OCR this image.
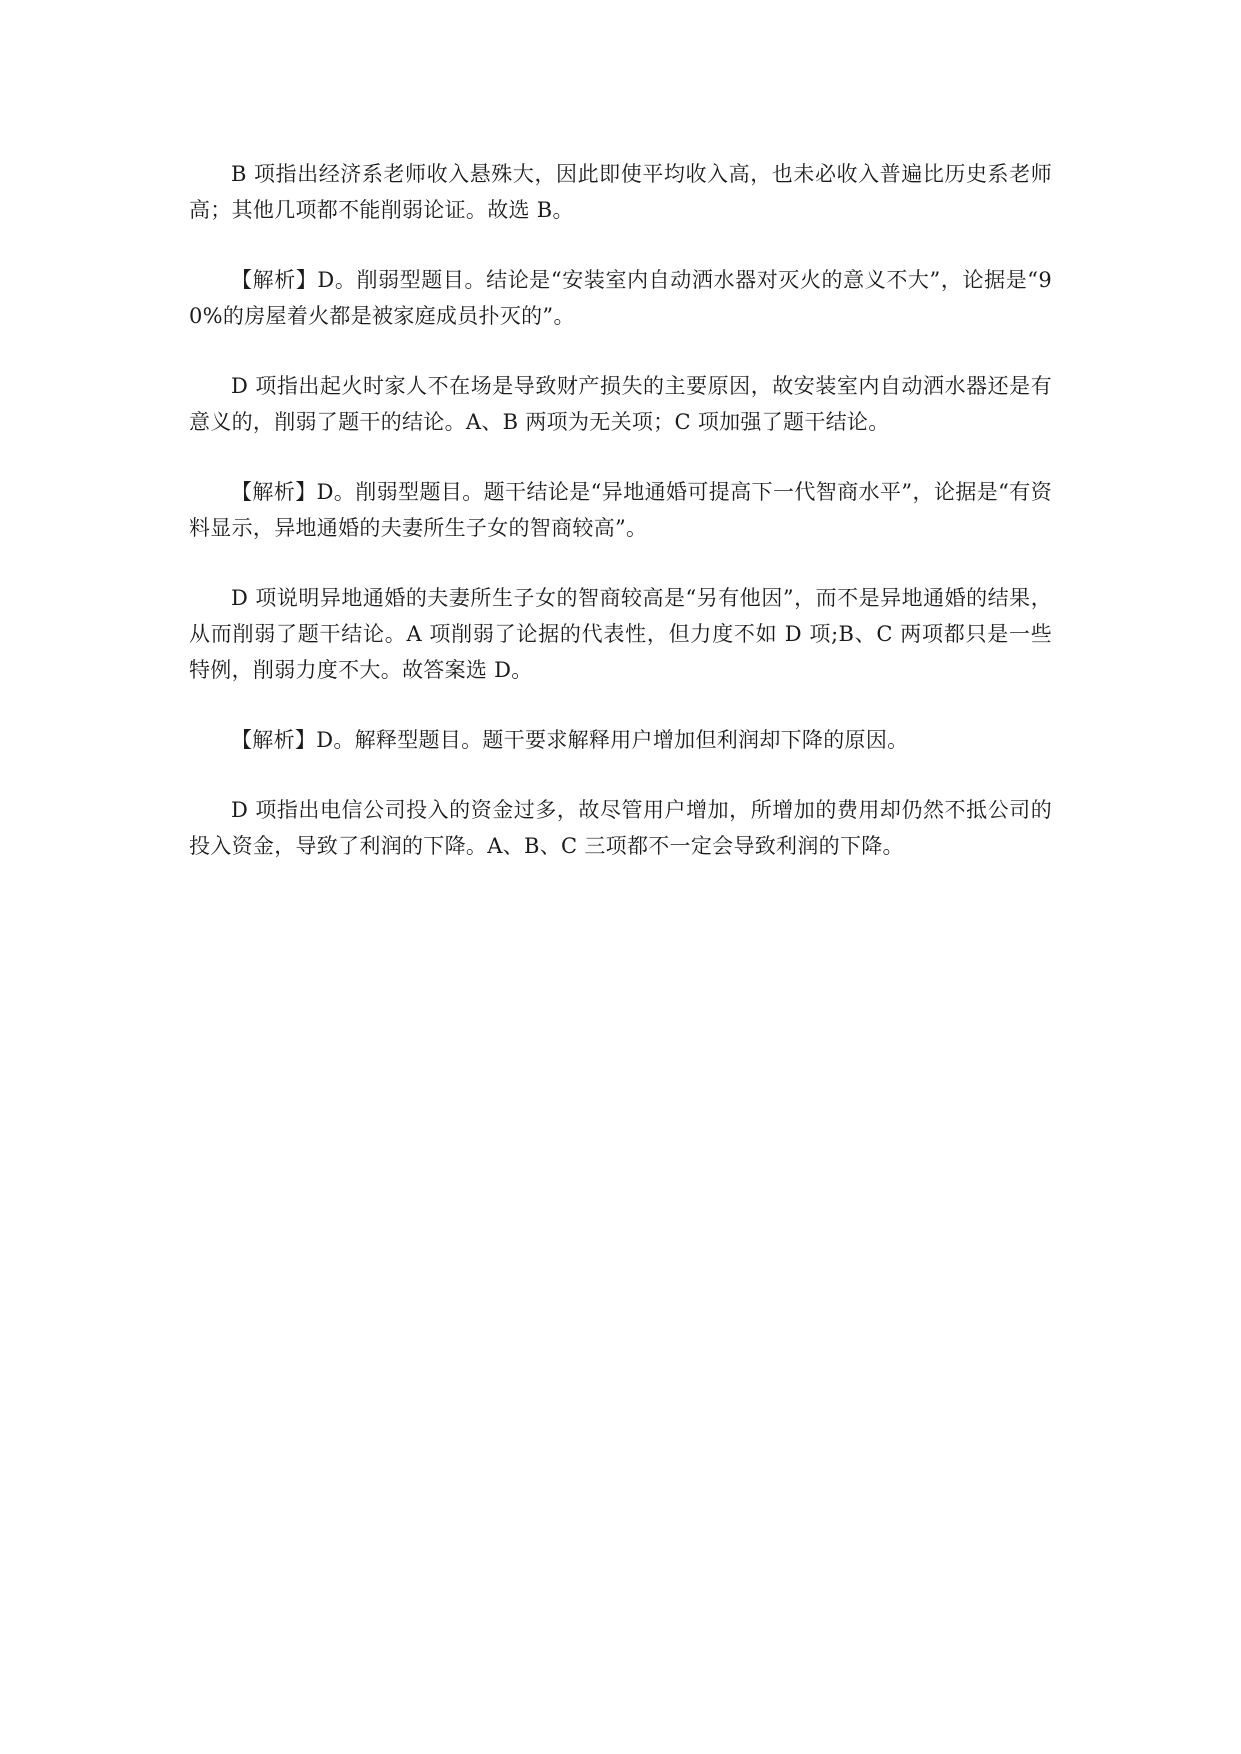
B 项指出经济系老师收入悬殊大，因此即使平均收入高，也未必收入普遍比历史系老师高；其他几项都不能削弱论证。故选 B。

【解析】D。削弱型题目。结论是“安装室内自动洒水器对灭火的意义不大”，论据是“90%的房屋着火都是被家庭成员扑灭的”。

D 项指出起火时家人不在场是导致财产损失的主要原因，故安装室内自动洒水器还是有意义的，削弱了题干的结论。A、B 两项为无关项；C 项加强了题干结论。

【解析】D。削弱型题目。题干结论是“异地通婚可提高下一代智商水平”，论据是“有资料显示，异地通婚的夫妻所生子女的智商较高”。

D 项说明异地通婚的夫妻所生子女的智商较高是“另有他因”，而不是异地通婚的结果，从而削弱了题干结论。A 项削弱了论据的代表性，但力度不如 D 项;B、C 两项都只是一些特例，削弱力度不大。故答案选 D。

【解析】D。解释型题目。题干要求解释用户增加但利润却下降的原因。

D 项指出电信公司投入的资金过多，故尽管用户增加，所增加的费用却仍然不抵公司的投入资金，导致了利润的下降。A、B、C 三项都不一定会导致利润的下降。
